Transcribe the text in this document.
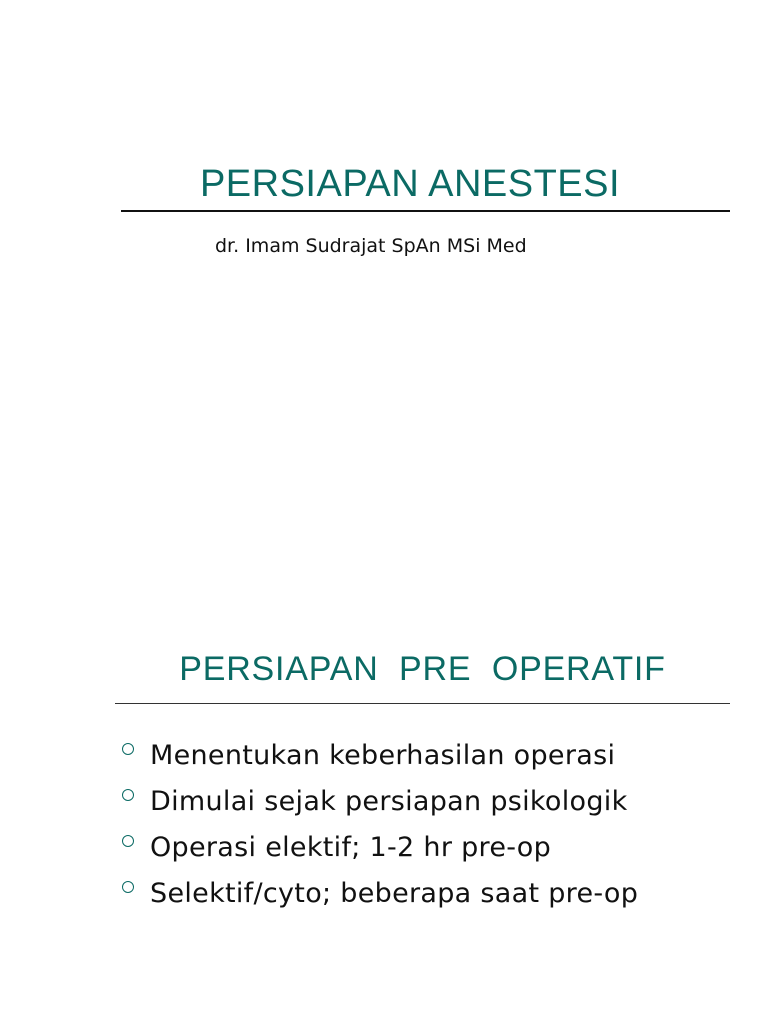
PERSIAPAN ANESTESI
dr. Imam Sudrajat SpAn MSi Med
PERSIAPAN  PRE  OPERATIF
Menentukan keberhasilan operasi
Dimulai sejak persiapan psikologik
Operasi elektif; 1-2 hr pre-op
Selektif/cyto; beberapa saat pre-op
